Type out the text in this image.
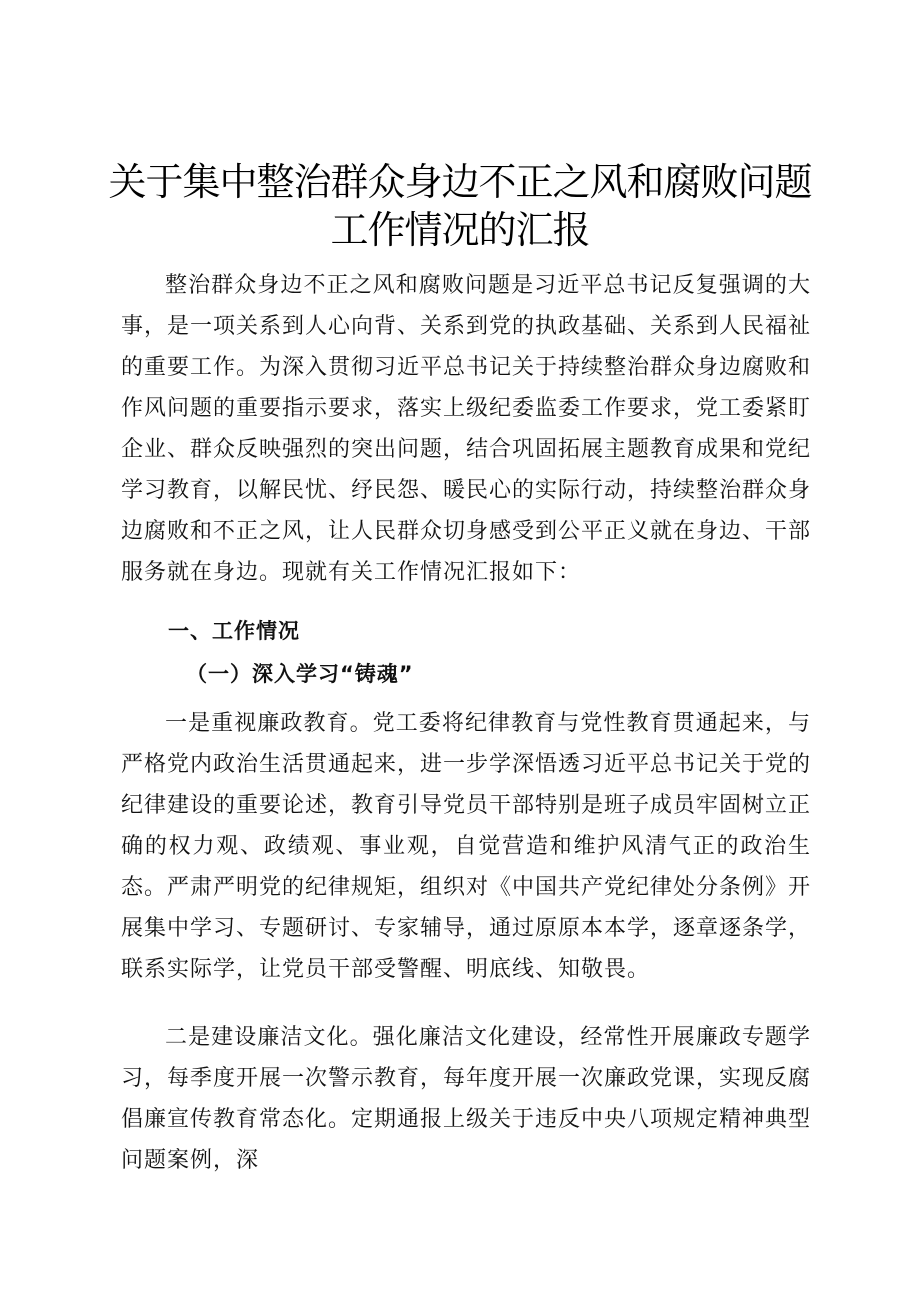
关于集中整治群众身边不正之风和腐败问题工作情况的汇报

整治群众身边不正之风和腐败问题是习近平总书记反复强调的大事，是一项关系到人心向背、关系到党的执政基础、关系到人民福祉的重要工作。为深入贯彻习近平总书记关于持续整治群众身边腐败和作风问题的重要指示要求，落实上级纪委监委工作要求，党工委紧盯企业、群众反映强烈的突出问题，结合巩固拓展主题教育成果和党纪学习教育，以解民忧、纾民怨、暖民心的实际行动，持续整治群众身边腐败和不正之风，让人民群众切身感受到公平正义就在身边、干部服务就在身边。现就有关工作情况汇报如下：

一、工作情况
（一）深入学习“铸魂”

一是重视廉政教育。党工委将纪律教育与党性教育贯通起来，与严格党内政治生活贯通起来，进一步学深悟透习近平总书记关于党的纪律建设的重要论述，教育引导党员干部特别是班子成员牢固树立正确的权力观、政绩观、事业观，自觉营造和维护风清气正的政治生态。严肃严明党的纪律规矩，组织对《中国共产党纪律处分条例》开展集中学习、专题研讨、专家辅导，通过原原本本学，逐章逐条学，联系实际学，让党员干部受警醒、明底线、知敬畏。

二是建设廉洁文化。强化廉洁文化建设，经常性开展廉政专题学习，每季度开展一次警示教育，每年度开展一次廉政党课，实现反腐倡廉宣传教育常态化。定期通报上级关于违反中央八项规定精神典型问题案例，深
